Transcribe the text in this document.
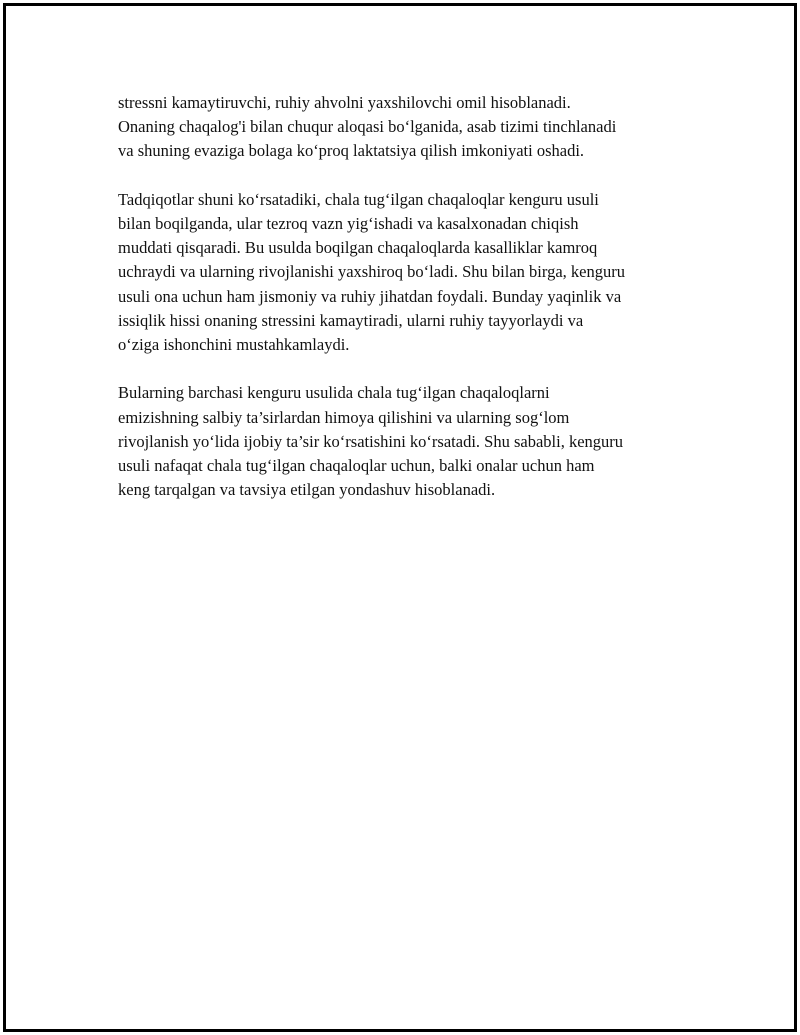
stressni kamaytiruvchi, ruhiy ahvolni yaxshilovchi omil hisoblanadi.
Onaning chaqalog'i bilan chuqur aloqasi bo‘lganida, asab tizimi tinchlanadi
va shuning evaziga bolaga ko‘proq laktatsiya qilish imkoniyati oshadi.

Tadqiqotlar shuni ko‘rsatadiki, chala tug‘ilgan chaqaloqlar kenguru usuli
bilan boqilganda, ular tezroq vazn yig‘ishadi va kasalxonadan chiqish
muddati qisqaradi. Bu usulda boqilgan chaqaloqlarda kasalliklar kamroq
uchraydi va ularning rivojlanishi yaxshiroq bo‘ladi. Shu bilan birga, kenguru
usuli ona uchun ham jismoniy va ruhiy jihatdan foydali. Bunday yaqinlik va
issiqlik hissi onaning stressini kamaytiradi, ularni ruhiy tayyorlaydi va
o‘ziga ishonchini mustahkamlaydi.

Bularning barchasi kenguru usulida chala tug‘ilgan chaqaloqlarni
emizishning salbiy ta’sirlardan himoya qilishini va ularning sog‘lom
rivojlanish yo‘lida ijobiy ta’sir ko‘rsatishini ko‘rsatadi. Shu sababli, kenguru
usuli nafaqat chala tug‘ilgan chaqaloqlar uchun, balki onalar uchun ham
keng tarqalgan va tavsiya etilgan yondashuv hisoblanadi.
